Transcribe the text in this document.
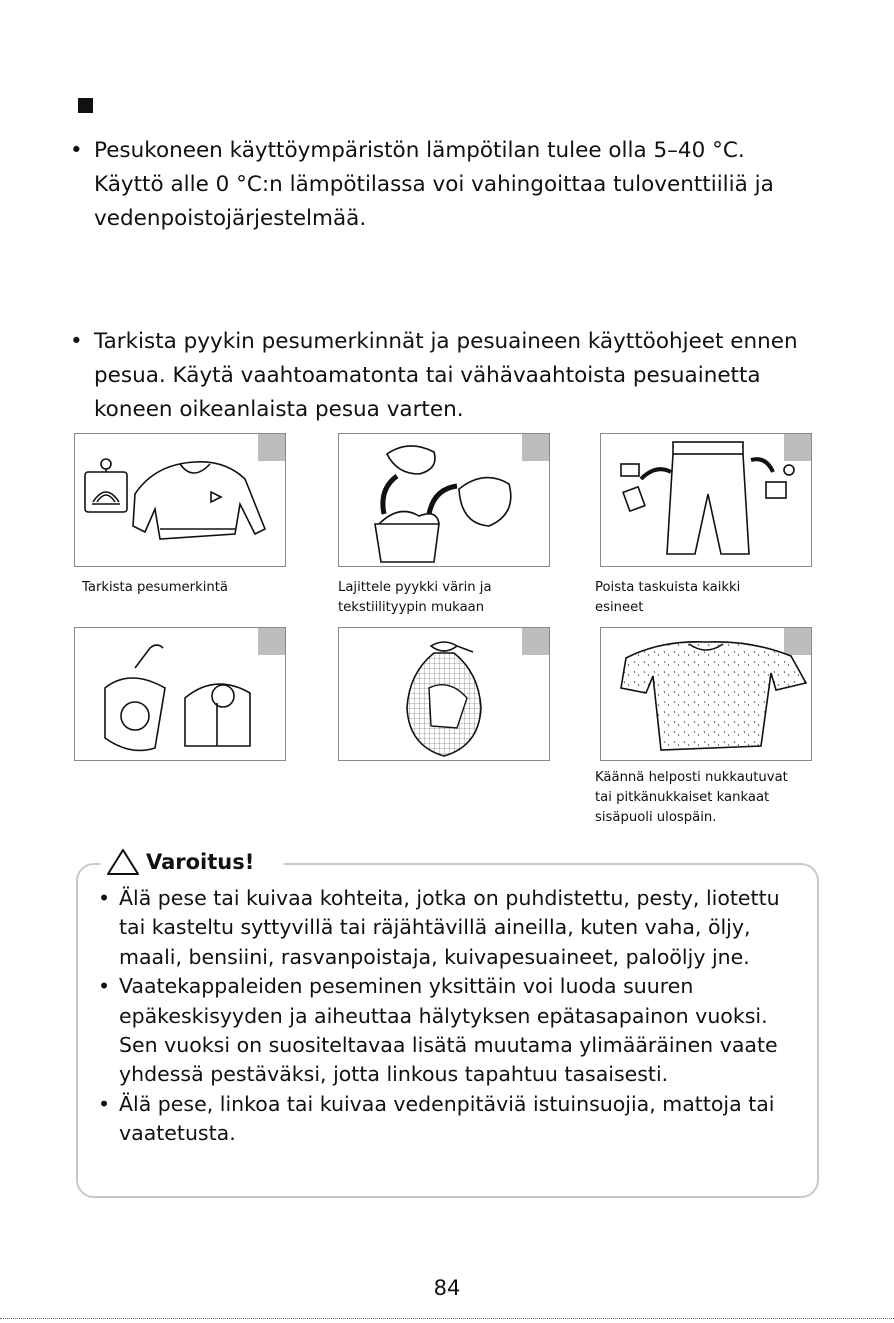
• Pesukoneen käyttöympäristön lämpötilan tulee olla 5–40 °C. Käyttö alle 0 °C:n lämpötilassa voi vahingoittaa tuloventtiiliä ja vedenpoistojärjestelmää.
• Tarkista pyykin pesumerkinnät ja pesuaineen käyttöohjeet ennen pesua. Käytä vaahtoamatonta tai vähävaahtoista pesuainetta koneen oikeanlaista pesua varten.
Tarkista pesumerkintä	Lajittele pyykki värin ja
tekstiilityypin mukaan
Poista taskuista kaikki
esineet
Käännä helposti nukkautuvat
tai pitkänukkaiset kankaat
sisäpuoli ulospäin.
Varoitus!
• Älä pese tai kuivaa kohteita, jotka on puhdistettu, pesty, liotettu tai kasteltu syttyvillä tai räjähtävillä aineilla, kuten vaha, öljy, maali, bensiini, rasvanpoistaja, kuivapesuaineet, paloöljy jne.
• Vaatekappaleiden peseminen yksittäin voi luoda suuren epäkeskisyyden ja aiheuttaa hälytyksen epätasapainon vuoksi. Sen vuoksi on suositeltavaa lisätä muutama ylimääräinen vaate yhdessä pestäväksi, jotta linkous tapahtuu tasaisesti.
• Älä pese, linkoa tai kuivaa vedenpitäviä istuinsuojia, mattoja tai vaatetusta.
84
